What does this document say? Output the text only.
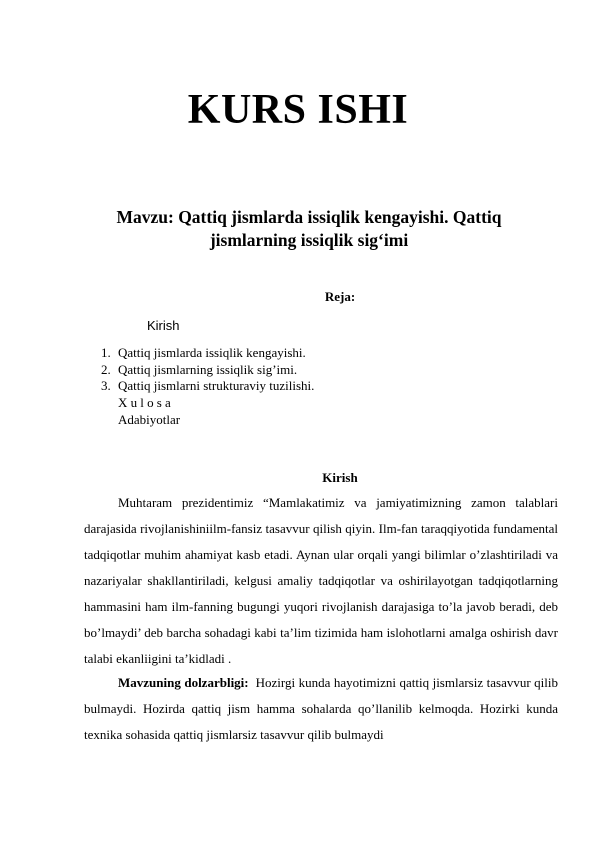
KURS ISHI
Mavzu: Qattiq jismlarda issiqlik kengayishi. Qattiq
jismlarning issiqlik sig‘imi
Reja:
Kirish
1. Qattiq jismlarda issiqlik kengayishi.
2. Qattiq jismlarning issiqlik sig’imi.
3. Qattiq jismlarni strukturaviy tuzilishi.
Xulosa
Adabiyotlar
Kirish

Muhtaram prezidentimiz “Mamlakatimiz va jamiyatimizning zamon talablari darajasida rivojlanishiniilm-fansiz tasavvur qilish qiyin. Ilm-fan taraqqiyotida fundamental tadqiqotlar muhim ahamiyat kasb etadi. Aynan ular orqali yangi bilimlar o’zlashtiriladi va nazariyalar shakllantiriladi, kelgusi amaliy tadqiqotlar va oshirilayotgan tadqiqotlarning hammasini ham ilm-fanning bugungi yuqori rivojlanish darajasiga to’la javob beradi, deb bo’lmaydi’ deb barcha sohadagi kabi ta’lim tizimida ham islohotlarni amalga oshirish davr talabi ekanliigini ta’kidladi .

Mavzuning dolzarbligi: Hozirgi kunda hayotimizni qattiq jismlarsiz tasavvur qilib bulmaydi. Hozirda qattiq jism hamma sohalarda qo’llanilib kelmoqda. Hozirki kunda texnika sohasida qattiq jismlarsiz tasavvur qilib bulmaydi
